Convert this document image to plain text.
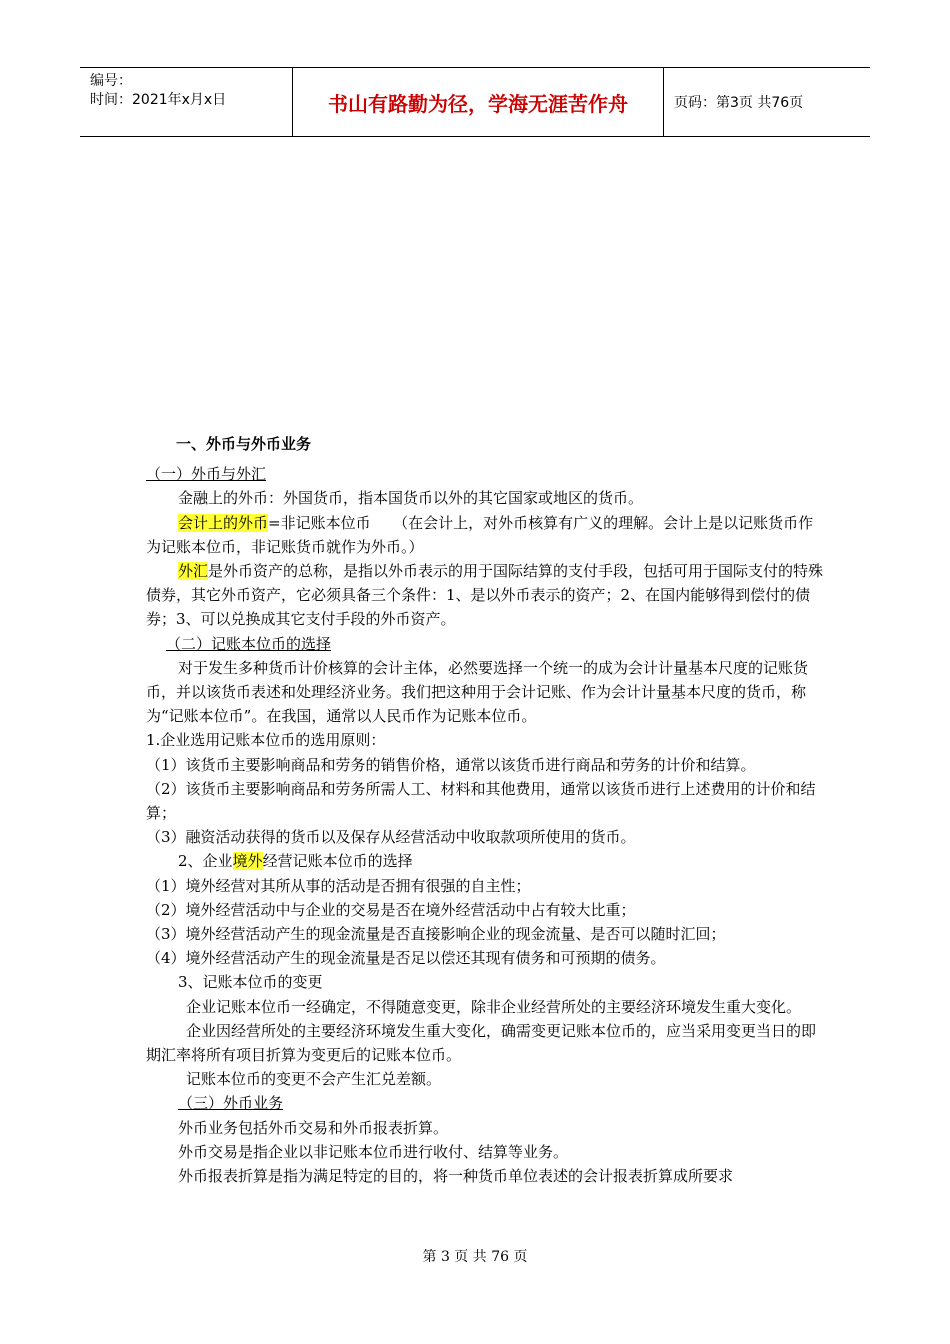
编号：
时间：2021年x月x日	书山有路勤为径，学海无涯苦作舟	页码：第3页 共76页

一、外币与外币业务

（一）外币与外汇

金融上的外币：外国货币，指本国货币以外的其它国家或地区的货币。

会计上的外币=非记账本位币　　（在会计上，对外币核算有广义的理解。会计上是以记账货币作为记账本位币，非记账货币就作为外币。）

外汇是外币资产的总称，是指以外币表示的用于国际结算的支付手段，包括可用于国际支付的特殊债券，其它外币资产，它必须具备三个条件：1、是以外币表示的资产；2、在国内能够得到偿付的债券；3、可以兑换成其它支付手段的外币资产。

（二）记账本位币的选择

对于发生多种货币计价核算的会计主体，必然要选择一个统一的成为会计计量基本尺度的记账货币，并以该货币表述和处理经济业务。我们把这种用于会计记账、作为会计计量基本尺度的货币，称为“记账本位币”。在我国，通常以人民币作为记账本位币。

1.企业选用记账本位币的选用原则：

（1）该货币主要影响商品和劳务的销售价格，通常以该货币进行商品和劳务的计价和结算。

（2）该货币主要影响商品和劳务所需人工、材料和其他费用，通常以该货币进行上述费用的计价和结算；

（3）融资活动获得的货币以及保存从经营活动中收取款项所使用的货币。

2、企业境外经营记账本位币的选择

（1）境外经营对其所从事的活动是否拥有很强的自主性；

（2）境外经营活动中与企业的交易是否在境外经营活动中占有较大比重；

（3）境外经营活动产生的现金流量是否直接影响企业的现金流量、是否可以随时汇回；

（4）境外经营活动产生的现金流量是否足以偿还其现有债务和可预期的债务。

3、记账本位币的变更

企业记账本位币一经确定，不得随意变更，除非企业经营所处的主要经济环境发生重大变化。

企业因经营所处的主要经济环境发生重大变化，确需变更记账本位币的，应当采用变更当日的即期汇率将所有项目折算为变更后的记账本位币。

记账本位币的变更不会产生汇兑差额。

（三）外币业务

外币业务包括外币交易和外币报表折算。

外币交易是指企业以非记账本位币进行收付、结算等业务。

外币报表折算是指为满足特定的目的，将一种货币单位表述的会计报表折算成所要求

第 3 页 共 76 页
